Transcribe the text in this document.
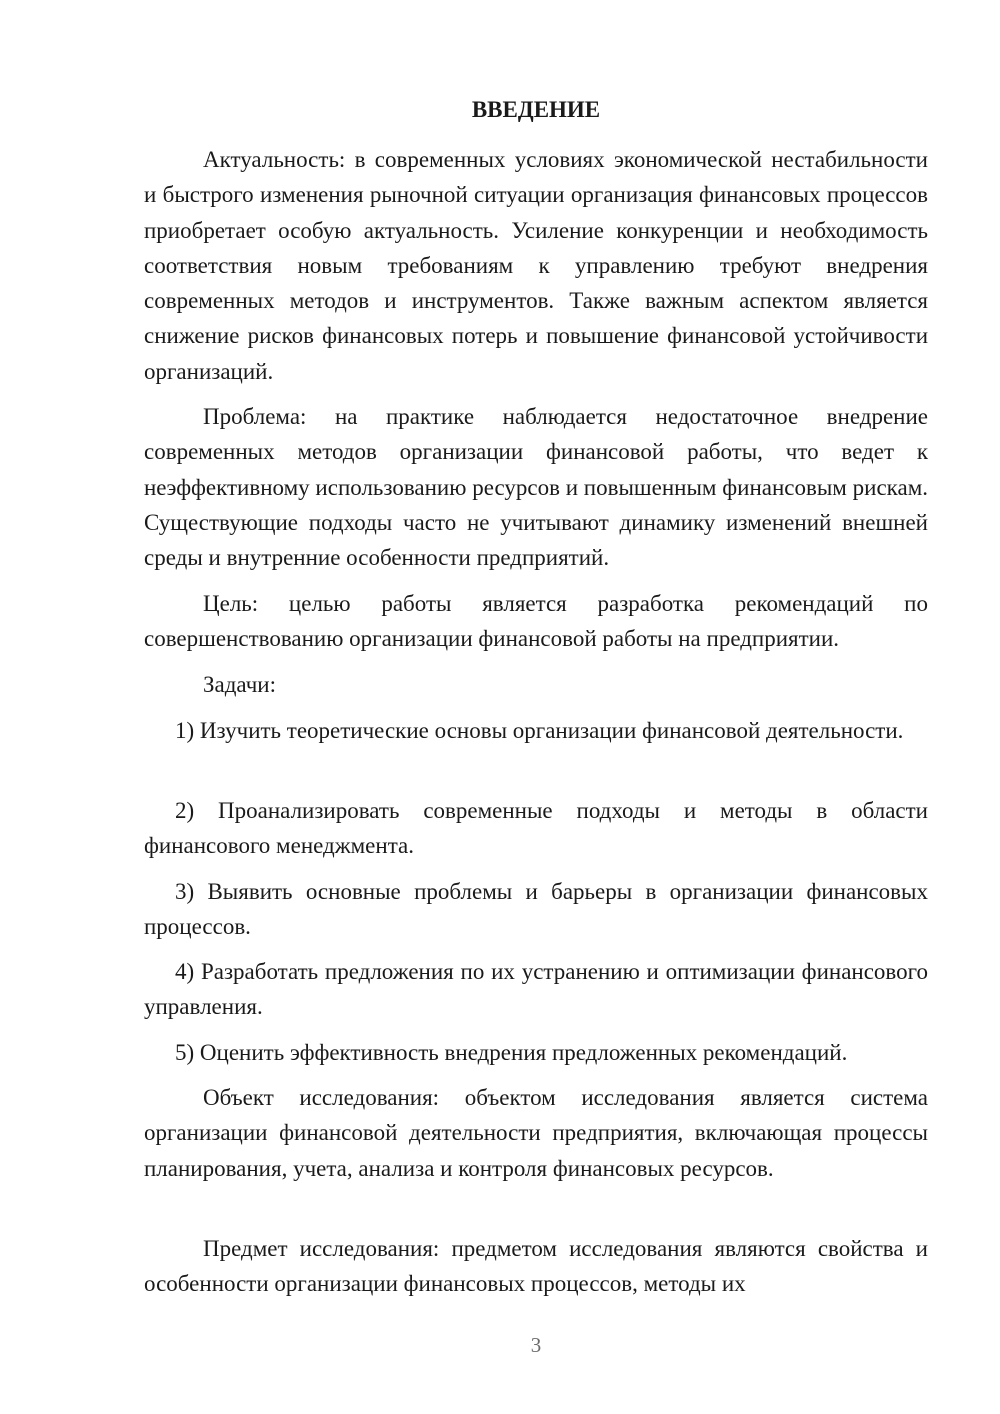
ВВЕДЕНИЕ

Актуальность: в современных условиях экономической нестабильности и быстрого изменения рыночной ситуации организация финансовых процессов приобретает особую актуальность. Усиление конкуренции и необходимость соответствия новым требованиям к управлению требуют внедрения современных методов и инструментов. Также важным аспектом является снижение рисков финансовых потерь и повышение финансовой устойчивости организаций.

Проблема: на практике наблюдается недостаточное внедрение современных методов организации финансовой работы, что ведет к неэффективному использованию ресурсов и повышенным финансовым рискам. Существующие подходы часто не учитывают динамику изменений внешней среды и внутренние особенности предприятий.

Цель: целью работы является разработка рекомендаций по совершенствованию организации финансовой работы на предприятии.

Задачи:

1) Изучить теоретические основы организации финансовой деятельности.

2) Проанализировать современные подходы и методы в области финансового менеджмента.

3) Выявить основные проблемы и барьеры в организации финансовых процессов.

4) Разработать предложения по их устранению и оптимизации финансового управления.

5) Оценить эффективность внедрения предложенных рекомендаций.

Объект исследования: объектом исследования является система организации финансовой деятельности предприятия, включающая процессы планирования, учета, анализа и контроля финансовых ресурсов.

Предмет исследования: предметом исследования являются свойства и особенности организации финансовых процессов, методы их

3
